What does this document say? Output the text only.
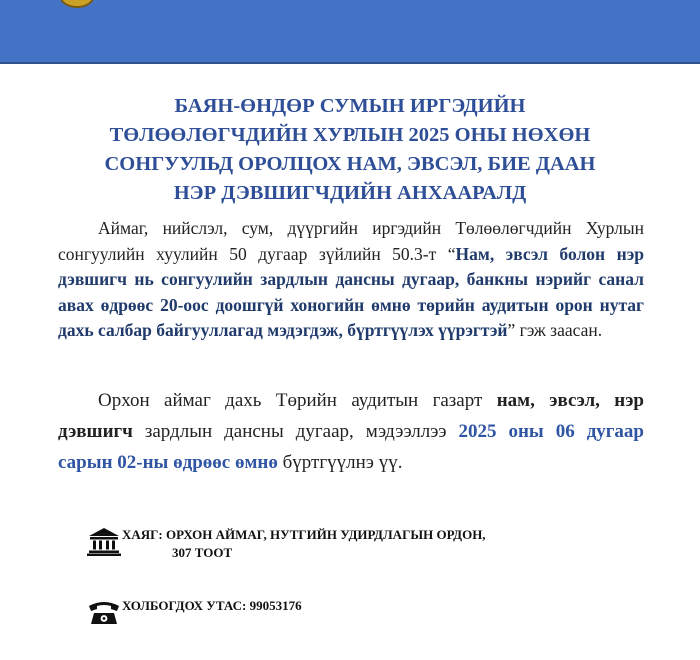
БАЯН-ӨНДӨР СУМЫН ИРГЭДИЙН
ТӨЛӨӨЛӨГЧДИЙН ХУРЛЫН 2025 ОНЫ НӨХӨН
СОНГУУЛЬД ОРОЛЦОХ НАМ, ЭВСЭЛ, БИЕ ДААН
НЭР ДЭВШИГЧДИЙН АНХААРАЛД

Аймаг, нийслэл, сум, дүүргийн иргэдийн Төлөөлөгчдийн Хурлын сонгуулийн хуулийн 50 дугаар зүйлийн 50.3-т “Нам, эвсэл болон нэр дэвшигч нь сонгуулийн зардлын дансны дугаар, банкны нэрийг санал авах өдрөөс 20-оос доошгүй хоногийн өмнө төрийн аудитын орон нутаг дахь салбар байгууллагад мэдэгдэж, бүртгүүлэх үүрэгтэй” гэж заасан.

Орхон аймаг дахь Төрийн аудитын газарт нам, эвсэл, нэр дэвшигч зардлын дансны дугаар, мэдээллээ 2025 оны 06 дугаар сарын 02-ны өдрөөс өмнө бүртгүүлнэ үү.

ХАЯГ: ОРХОН АЙМАГ, НУТГИЙН УДИРДЛАГЫН ОРДОН,
307 ТООТ
ХОЛБОГДОХ УТАС: 99053176
